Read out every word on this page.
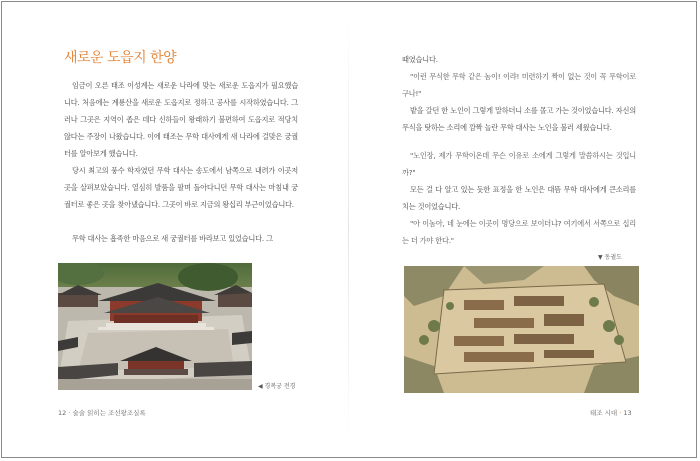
새로운 도읍지 한양

임금이 오른 태조 이성계는 새로운 나라에 맞는 새로운 도읍지가 필요했습니다. 처음에는 계룡산을 새로운 도읍지로 정하고 공사를 시작하였습니다. 그러나 그곳은 지역이 좁은 데다 신하들이 왕래하기 불편하여 도읍지로 적당치 않다는 주장이 나왔습니다. 이에 태조는 무학 대사에게 새 나라에 걸맞은 궁궐터를 알아보게 했습니다.

당시 최고의 풍수 학자였던 무학 대사는 송도에서 남쪽으로 내려가 이곳저곳을 살펴보았습니다. 열심히 발품을 팔며 돌아다니던 무학 대사는 마침내 궁궐터로 좋은 곳을 찾아냈습니다. 그곳이 바로 지금의 왕십리 부근이었습니다.

무학 대사는 흡족한 마음으로 새 궁궐터를 바라보고 있었습니다. 그

◀ 경복궁 전경

12 · 술술 읽히는 조선왕조실록

때였습니다.

"이런 무식한 무학 같은 놈이! 이랴! 미련하기 짝이 없는 것이 꼭 무학이로구나!"

밭을 갈던 한 노인이 그렇게 말하더니 소를 몰고 가는 것이었습니다. 자신의 무식을 탓하는 소리에 깜짝 놀란 무학 대사는 노인을 불러 세웠습니다.

"노인장, 제가 무학이온데 무슨 이유로 소에게 그렇게 말씀하시는 것입니까?"

모든 걸 다 알고 있는 듯한 표정을 한 노인은 대뜸 무학 대사에게 큰소리를 치는 것이었습니다.

"아 이놈아, 네 눈에는 이곳이 명당으로 보이더냐? 여기에서 서쪽으로 십리는 더 가야 한다."

▼ 동궐도

태조 시대 · 13
